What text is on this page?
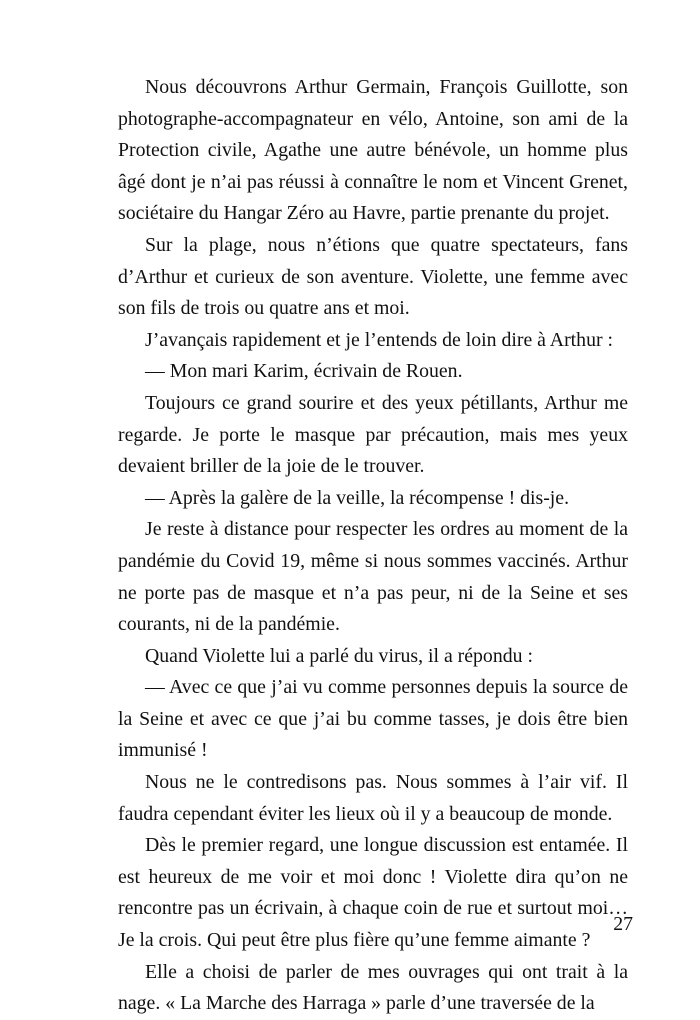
Nous découvrons Arthur Germain, François Guillotte, son photographe-accompagnateur en vélo, Antoine, son ami de la Protection civile, Agathe une autre bénévole, un homme plus âgé dont je n’ai pas réussi à connaître le nom et Vincent Grenet, sociétaire du Hangar Zéro au Havre, partie prenante du projet.

Sur la plage, nous n’étions que quatre spectateurs, fans d’Arthur et curieux de son aventure. Violette, une femme avec son fils de trois ou quatre ans et moi.

J’avançais rapidement et je l’entends de loin dire à Arthur :

— Mon mari Karim, écrivain de Rouen.

Toujours ce grand sourire et des yeux pétillants, Arthur me regarde. Je porte le masque par précaution, mais mes yeux devaient briller de la joie de le trouver.

— Après la galère de la veille, la récompense ! dis-je.

Je reste à distance pour respecter les ordres au moment de la pandémie du Covid 19, même si nous sommes vaccinés. Arthur ne porte pas de masque et n’a pas peur, ni de la Seine et ses courants, ni de la pandémie.

Quand Violette lui a parlé du virus, il a répondu :

— Avec ce que j’ai vu comme personnes depuis la source de la Seine et avec ce que j’ai bu comme tasses, je dois être bien immunisé !

Nous ne le contredisons pas. Nous sommes à l’air vif. Il faudra cependant éviter les lieux où il y a beaucoup de monde.

Dès le premier regard, une longue discussion est entamée. Il est heureux de me voir et moi donc ! Violette dira qu’on ne rencontre pas un écrivain, à chaque coin de rue et surtout moi… Je la crois. Qui peut être plus fière qu’une femme aimante ?

Elle a choisi de parler de mes ouvrages qui ont trait à la nage. « La Marche des Harraga » parle d’une traversée de la

27
